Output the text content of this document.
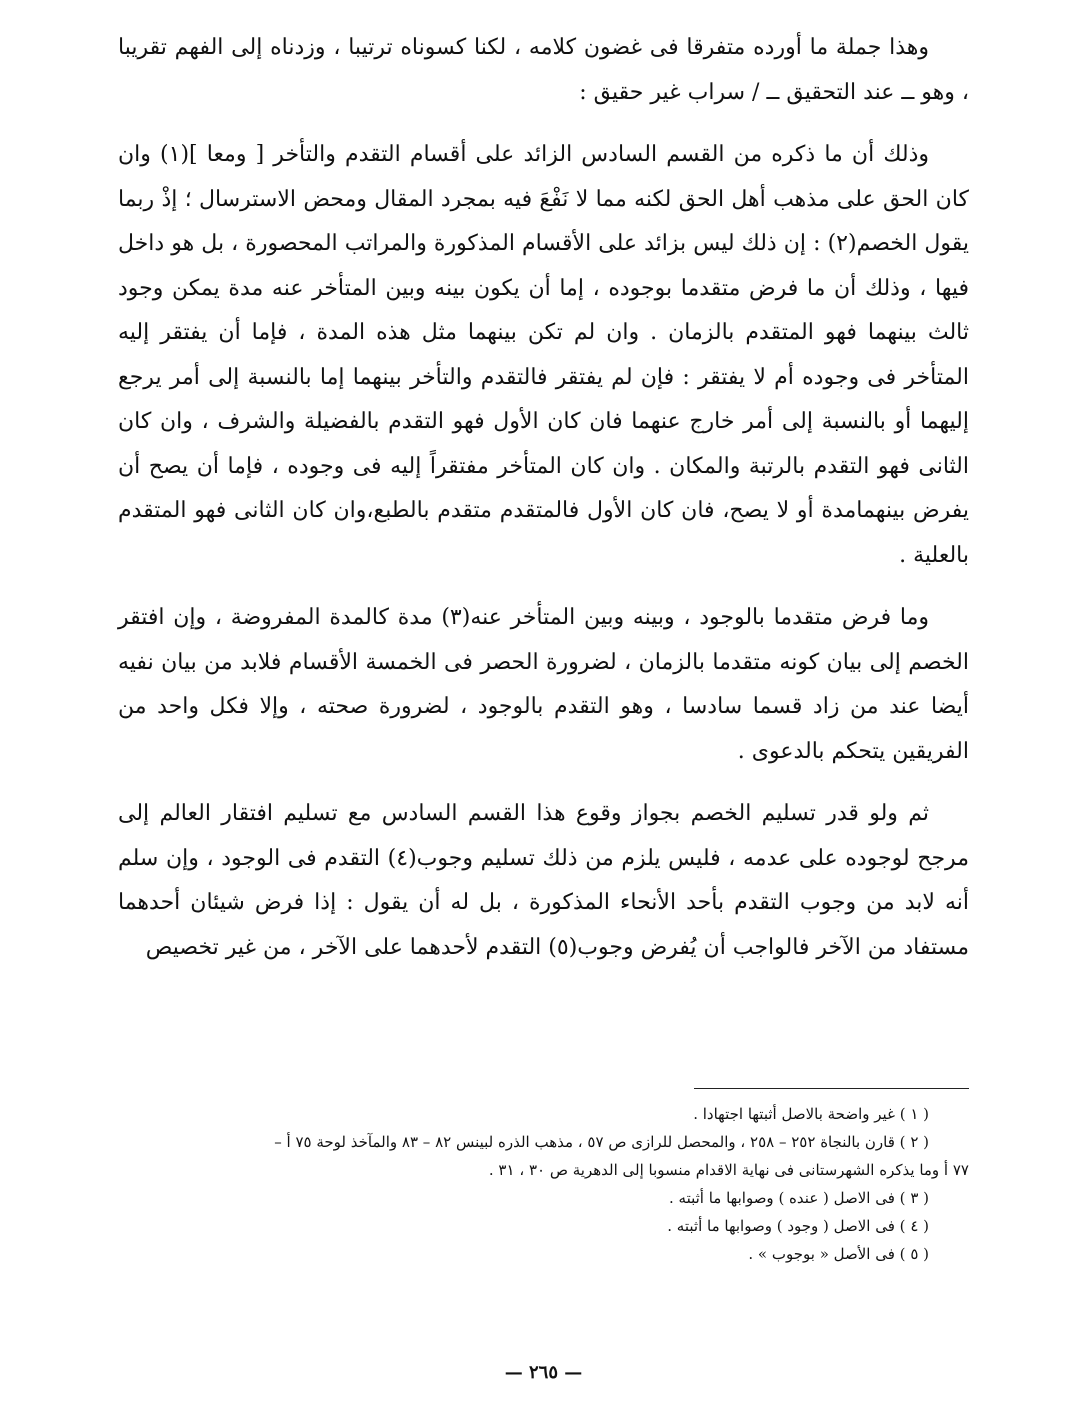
وهذا جملة ما أورده متفرقا فى غضون كلامه ، لكنا كسوناه ترتيبا ، وزدناه إلى الفهم تقريبا ، وهو ــ عند التحقيق ــ / سراب غير حقيق :

وذلك أن ما ذكره من القسم السادس الزائد على أقسام التقدم والتأخر [ ومعا ](١) وان كان الحق على مذهب أهل الحق لكنه مما لا نَفْعَ فيه بمجرد المقال ومحض الاسترسال ؛ إذْ ربما يقول الخصم(٢) : إن ذلك ليس بزائد على الأقسام المذكورة والمراتب المحصورة ، بل هو داخل فيها ، وذلك أن ما فرض متقدما بوجوده ، إما أن يكون بينه وبين المتأخر عنه مدة يمكن وجود ثالث بينهما فهو المتقدم بالزمان . وان لم تكن بينهما مثل هذه المدة ، فإما أن يفتقر إليه المتأخر فى وجوده أم لا يفتقر : فإن لم يفتقر فالتقدم والتأخر بينهما إما بالنسبة إلى أمر يرجع إليهما أو بالنسبة إلى أمر خارج عنهما فان كان الأول فهو التقدم بالفضيلة والشرف ، وان كان الثانى فهو التقدم بالرتبة والمكان . وان كان المتأخر مفتقراً إليه فى وجوده ، فإما أن يصح أن يفرض بينهمامدة أو لا يصح، فان كان الأول فالمتقدم متقدم بالطبع،وان كان الثانى فهو المتقدم بالعلية .

وما فرض متقدما بالوجود ، وبينه وبين المتأخر عنه(٣) مدة كالمدة المفروضة ، وإن افتقر الخصم إلى بيان كونه متقدما بالزمان ، لضرورة الحصر فى الخمسة الأقسام فلابد من بيان نفيه أيضا عند من زاد قسما سادسا ، وهو التقدم بالوجود ، لضرورة صحته ، وإلا فكل واحد من الفريقين يتحكم بالدعوى .

ثم ولو قدر تسليم الخصم بجواز وقوع هذا القسم السادس مع تسليم افتقار العالم إلى مرجح لوجوده على عدمه ، فليس يلزم من ذلك تسليم وجوب(٤) التقدم فى الوجود ، وإن سلم أنه لابد من وجوب التقدم بأحد الأنحاء المذكورة ، بل له أن يقول : إذا فرض شيئان أحدهما مستفاد من الآخر فالواجب أن يُفرض وجوب(٥) التقدم لأحدهما على الآخر ، من غير تخصيص

( ١ ) غير واضحة بالاصل أثبتها اجتهادا .

( ٢ ) قارن بالنجاة ٢٥٢ – ٢٥٨ ، والمحصل للرازى ص ٥٧ ، مذهب الذره لبينس ٨٢ – ٨٣ والمآخذ لوحة ٧٥ أ –

٧٧ أ وما يذكره الشهرستانى فى نهاية الاقدام منسوبا إلى الدهرية ص ٣٠ ، ٣١ .

( ٣ ) فى الاصل ( عنده ) وصوابها ما أثبته .

( ٤ ) فى الاصل ( وجود ) وصوابها ما أثبته .

( ٥ ) فى الأصل « بوجوب » .

— ٢٦٥ —
